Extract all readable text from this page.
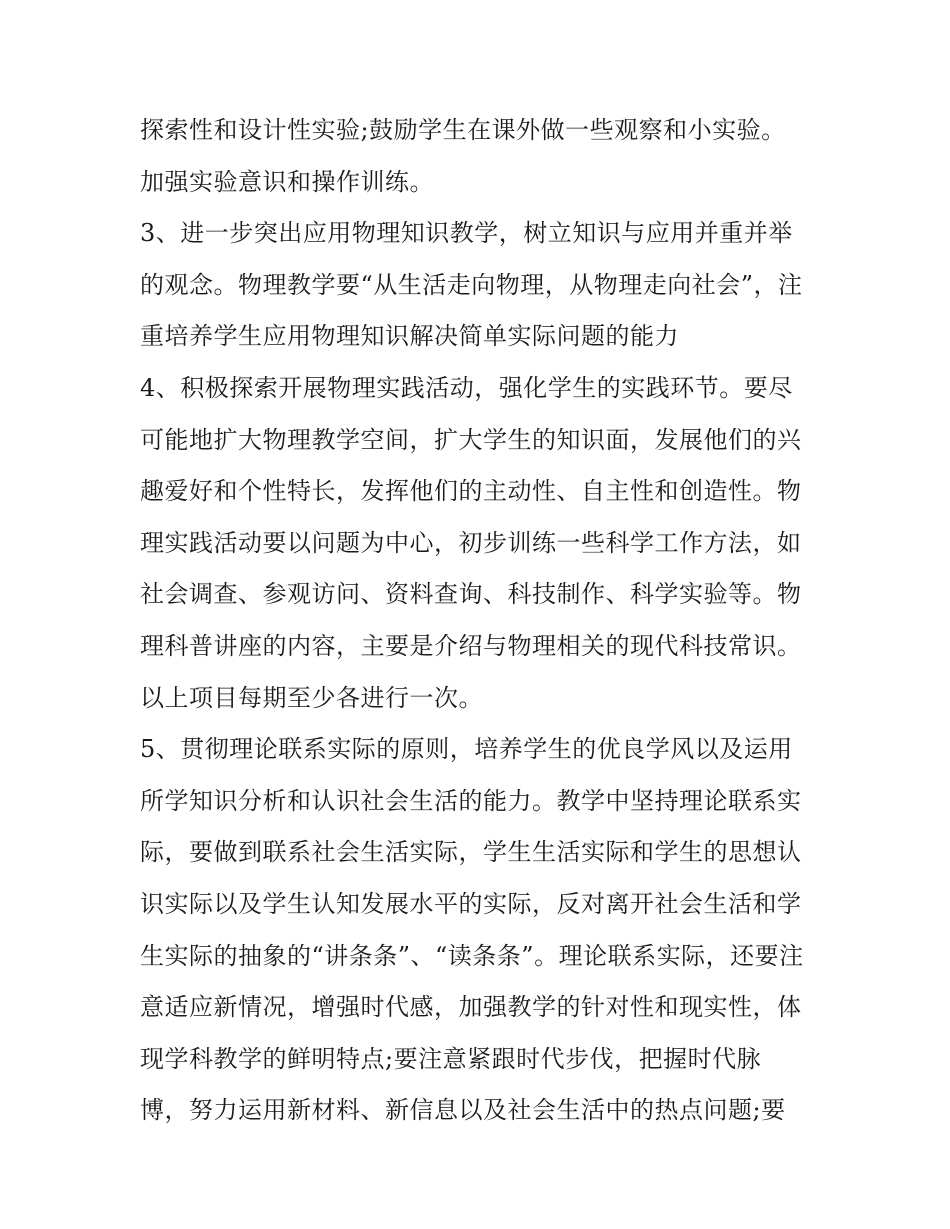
探索性和设计性实验;鼓励学生在课外做一些观察和小实验。
加强实验意识和操作训练。
3、进一步突出应用物理知识教学，树立知识与应用并重并举
的观念。物理教学要“从生活走向物理，从物理走向社会”，注
重培养学生应用物理知识解决简单实际问题的能力
4、积极探索开展物理实践活动，强化学生的实践环节。要尽
可能地扩大物理教学空间，扩大学生的知识面，发展他们的兴
趣爱好和个性特长，发挥他们的主动性、自主性和创造性。物
理实践活动要以问题为中心，初步训练一些科学工作方法，如
社会调查、参观访问、资料查询、科技制作、科学实验等。物
理科普讲座的内容，主要是介绍与物理相关的现代科技常识。
以上项目每期至少各进行一次。
5、贯彻理论联系实际的原则，培养学生的优良学风以及运用
所学知识分析和认识社会生活的能力。教学中坚持理论联系实
际，要做到联系社会生活实际，学生生活实际和学生的思想认
识实际以及学生认知发展水平的实际，反对离开社会生活和学
生实际的抽象的“讲条条”、“读条条”。理论联系实际，还要注
意适应新情况，增强时代感，加强教学的针对性和现实性，体
现学科教学的鲜明特点;要注意紧跟时代步伐，把握时代脉
博，努力运用新材料、新信息以及社会生活中的热点问题;要
